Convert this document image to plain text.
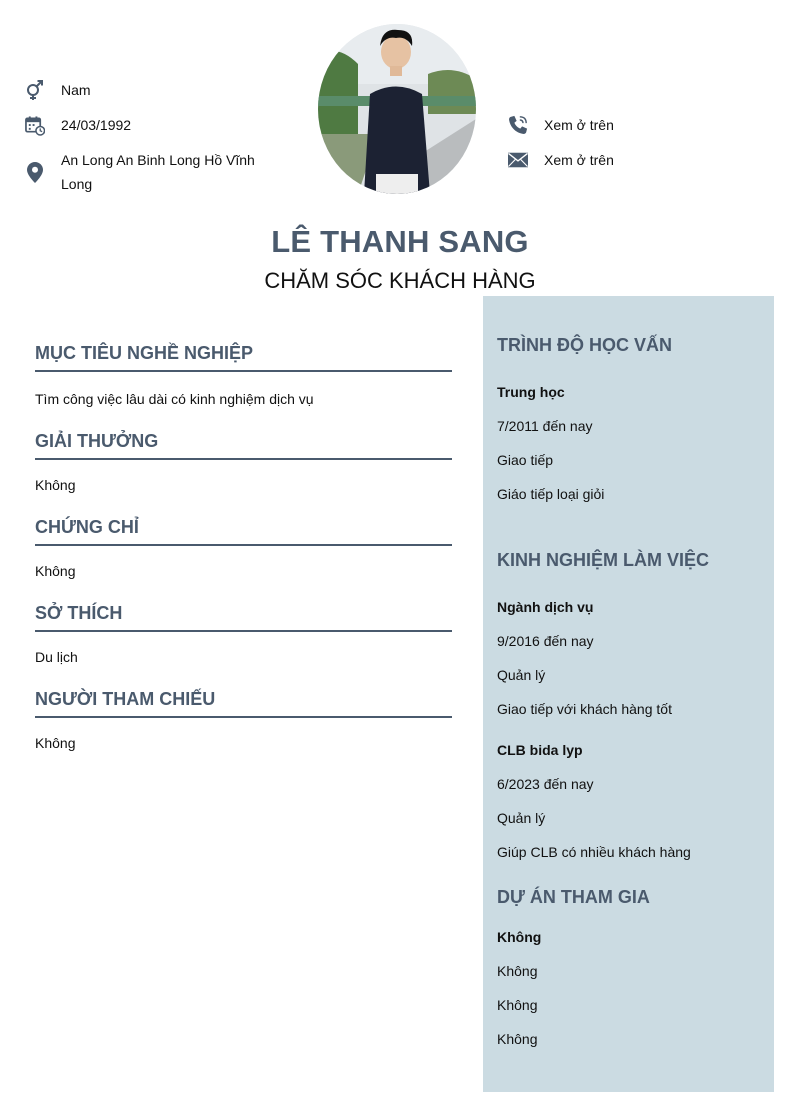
Nam
24/03/1992
An Long An Binh Long Hồ Vĩnh Long
Xem ở trên
Xem ở trên
LÊ THANH SANG
CHĂM SÓC KHÁCH HÀNG
MỤC TIÊU NGHỀ NGHIỆP
Tìm công việc lâu dài có kinh nghiệm dịch vụ
GIẢI THƯỞNG
Không
CHỨNG CHỈ
Không
SỞ THÍCH
Du lịch
NGƯỜI THAM CHIẾU
Không
TRÌNH ĐỘ HỌC VẤN
Trung học
7/2011 đến nay
Giao tiếp
Giáo tiếp loại giỏi
KINH NGHIỆM LÀM VIỆC
Ngành dịch vụ
9/2016 đến nay
Quản lý
Giao tiếp với khách hàng tốt
CLB bida lyp
6/2023 đến nay
Quản lý
Giúp CLB có nhiều khách hàng
DỰ ÁN THAM GIA
Không
Không
Không
Không
